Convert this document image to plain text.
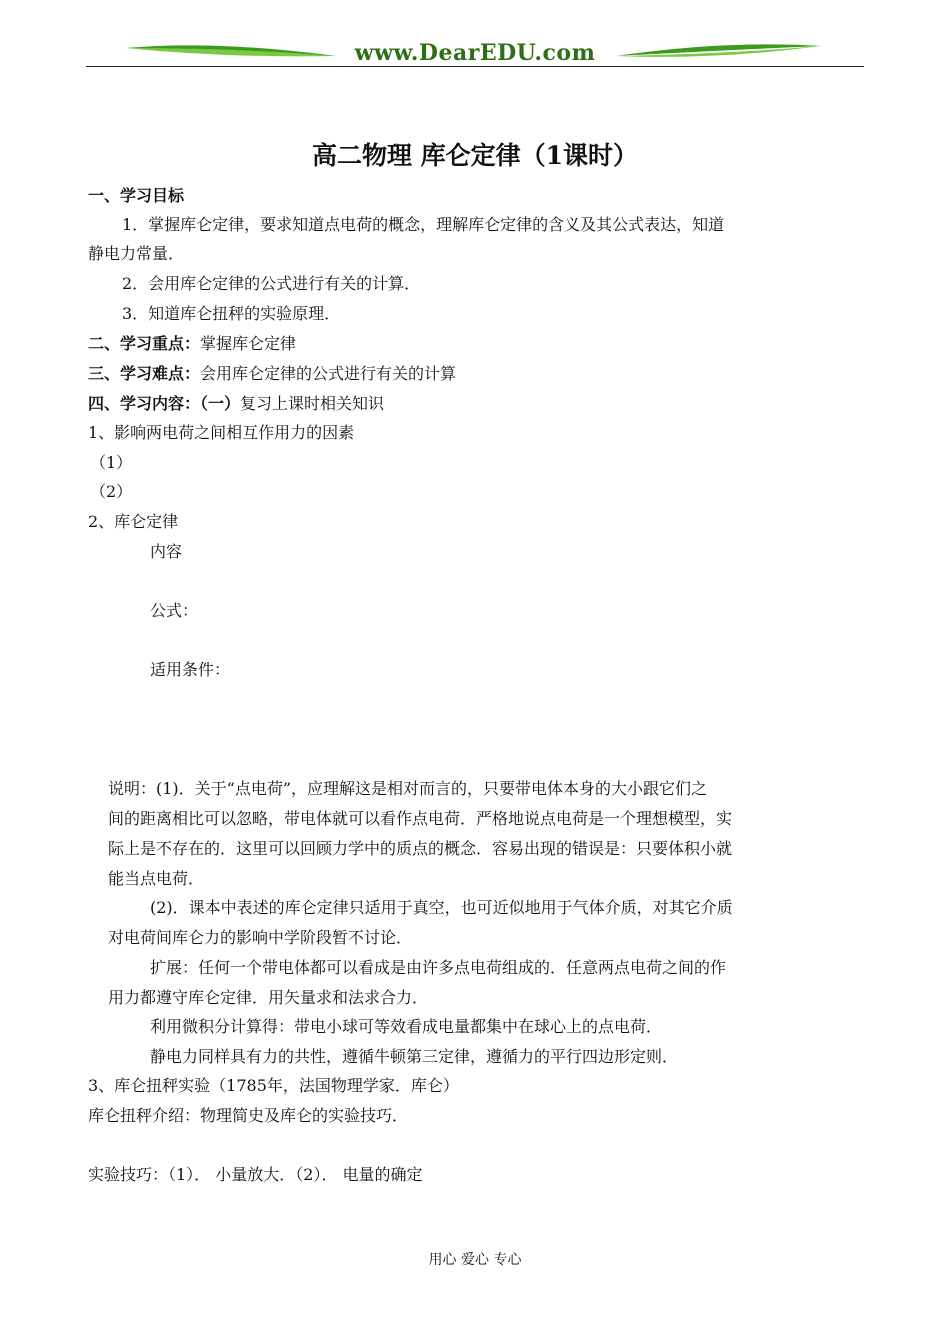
www.DearEDU.com
高二物理 库仑定律（1课时）
一、学习目标
1．掌握库仑定律，要求知道点电荷的概念，理解库仑定律的含义及其公式表达，知道
静电力常量．
2．会用库仑定律的公式进行有关的计算．
3．知道库仑扭秤的实验原理．
二、学习重点：掌握库仑定律
三、学习难点：会用库仑定律的公式进行有关的计算
四、学习内容：（一）复习上课时相关知识
1、影响两电荷之间相互作用力的因素
（1）
（2）
2、库仑定律
内容
公式：
适用条件：
说明：(1)．关于“点电荷”，应理解这是相对而言的，只要带电体本身的大小跟它们之
间的距离相比可以忽略，带电体就可以看作点电荷．严格地说点电荷是一个理想模型，实
际上是不存在的．这里可以回顾力学中的质点的概念．容易出现的错误是：只要体积小就
能当点电荷．
(2)．课本中表述的库仑定律只适用于真空，也可近似地用于气体介质，对其它介质
对电荷间库仑力的影响中学阶段暂不讨论．
扩展：任何一个带电体都可以看成是由许多点电荷组成的．任意两点电荷之间的作
用力都遵守库仑定律．用矢量求和法求合力．
利用微积分计算得：带电小球可等效看成电量都集中在球心上的点电荷．
静电力同样具有力的共性，遵循牛顿第三定律，遵循力的平行四边形定则．
3、库仑扭秤实验（1785年，法国物理学家．库仑）
库仑扭秤介绍：物理简史及库仑的实验技巧．
实验技巧：（1）． 小量放大．（2）． 电量的确定
用心 爱心 专心
